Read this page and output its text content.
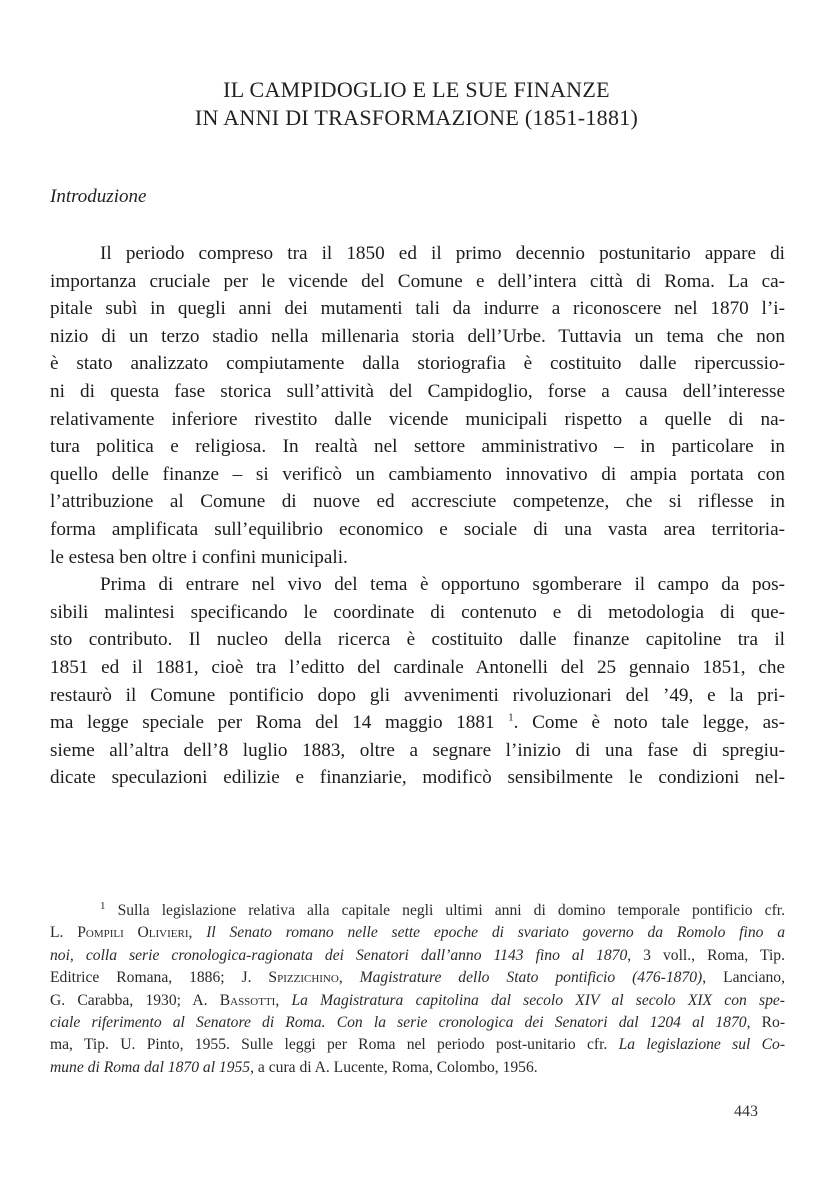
IL CAMPIDOGLIO E LE SUE FINANZE
IN ANNI DI TRASFORMAZIONE (1851-1881)
Introduzione
Il periodo compreso tra il 1850 ed il primo decennio postunitario appare di
importanza cruciale per le vicende del Comune e dell’intera città di Roma. La ca-
pitale subì in quegli anni dei mutamenti tali da indurre a riconoscere nel 1870 l’i-
nizio di un terzo stadio nella millenaria storia dell’Urbe. Tuttavia un tema che non
è stato analizzato compiutamente dalla storiografia è costituito dalle ripercussio-
ni di questa fase storica sull’attività del Campidoglio, forse a causa dell’interesse
relativamente inferiore rivestito dalle vicende municipali rispetto a quelle di na-
tura politica e religiosa. In realtà nel settore amministrativo – in particolare in
quello delle finanze – si verificò un cambiamento innovativo di ampia portata con
l’attribuzione al Comune di nuove ed accresciute competenze, che si riflesse in
forma amplificata sull’equilibrio economico e sociale di una vasta area territoria-
le estesa ben oltre i confini municipali.
Prima di entrare nel vivo del tema è opportuno sgomberare il campo da pos-
sibili malintesi specificando le coordinate di contenuto e di metodologia di que-
sto contributo. Il nucleo della ricerca è costituito dalle finanze capitoline tra il
1851 ed il 1881, cioè tra l’editto del cardinale Antonelli del 25 gennaio 1851, che
restaurò il Comune pontificio dopo gli avvenimenti rivoluzionari del ’49, e la pri-
ma legge speciale per Roma del 14 maggio 1881 $^1$. Come è noto tale legge, as-
sieme all’altra dell’8 luglio 1883, oltre a segnare l’inizio di una fase di spregiu-
dicate speculazioni edilizie e finanziarie, modificò sensibilmente le condizioni nel-
$^1$ Sulla legislazione relativa alla capitale negli ultimi anni di domino temporale pontificio cfr.
L. Pompili Olivieri, Il Senato romano nelle sette epoche di svariato governo da Romolo fino a
noi, colla serie cronologica-ragionata dei Senatori dall’anno 1143 fino al 1870, 3 voll., Roma, Tip.
Editrice Romana, 1886; J. Spizzichino, Magistrature dello Stato pontificio (476-1870), Lanciano,
G. Carabba, 1930; A. Bassotti, La Magistratura capitolina dal secolo XIV al secolo XIX con spe-
ciale riferimento al Senatore di Roma. Con la serie cronologica dei Senatori dal 1204 al 1870, Ro-
ma, Tip. U. Pinto, 1955. Sulle leggi per Roma nel periodo post-unitario cfr. La legislazione sul Co-
mune di Roma dal 1870 al 1955, a cura di A. Lucente, Roma, Colombo, 1956.
443
